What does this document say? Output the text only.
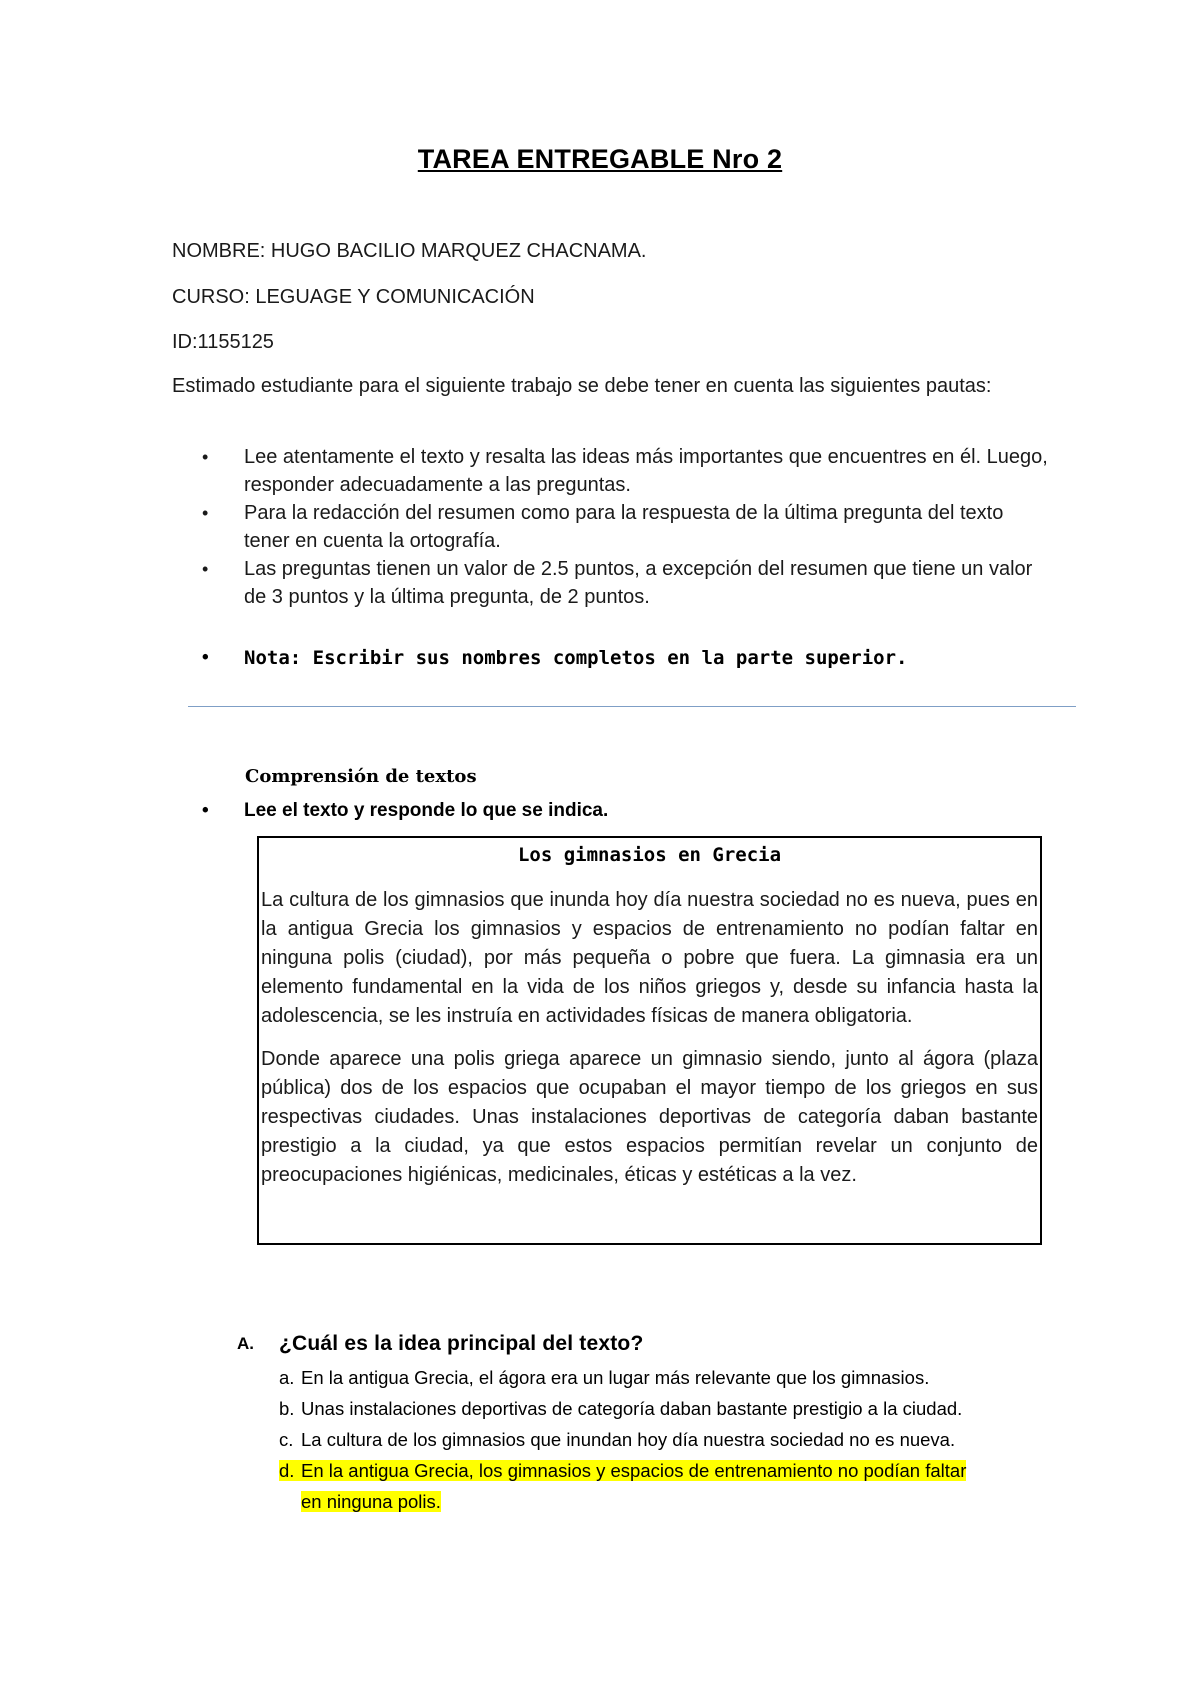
TAREA ENTREGABLE Nro 2
NOMBRE: HUGO BACILIO MARQUEZ CHACNAMA.
CURSO: LEGUAGE Y COMUNICACIÓN
ID:1155125
Estimado estudiante para el siguiente trabajo se debe tener en cuenta las siguientes pautas:
• Lee atentamente el texto y resalta las ideas más importantes que encuentres en él. Luego, responder adecuadamente a las preguntas.
• Para la redacción del resumen como para la respuesta de la última pregunta del texto tener en cuenta la ortografía.
• Las preguntas tienen un valor de 2.5 puntos, a excepción del resumen que tiene un valor de 3 puntos y la última pregunta, de 2 puntos.
• Nota: Escribir sus nombres completos en la parte superior.
Comprensión de textos
• Lee el texto y responde lo que se indica.
Los gimnasios en Grecia

La cultura de los gimnasios que inunda hoy día nuestra sociedad no es nueva, pues en la antigua Grecia los gimnasios y espacios de entrenamiento no podían faltar en ninguna polis (ciudad), por más pequeña o pobre que fuera. La gimnasia era un elemento fundamental en la vida de los niños griegos y, desde su infancia hasta la adolescencia, se les instruía en actividades físicas de manera obligatoria.

Donde aparece una polis griega aparece un gimnasio siendo, junto al ágora (plaza pública) dos de los espacios que ocupaban el mayor tiempo de los griegos en sus respectivas ciudades. Unas instalaciones deportivas de categoría daban bastante prestigio a la ciudad, ya que estos espacios permitían revelar un conjunto de preocupaciones higiénicas, medicinales, éticas y estéticas a la vez.

A. ¿Cuál es la idea principal del texto?
a. En la antigua Grecia, el ágora era un lugar más relevante que los gimnasios.
b. Unas instalaciones deportivas de categoría daban bastante prestigio a la ciudad.
c. La cultura de los gimnasios que inundan hoy día nuestra sociedad no es nueva.
d. En la antigua Grecia, los gimnasios y espacios de entrenamiento no podían faltar
en ninguna polis.
